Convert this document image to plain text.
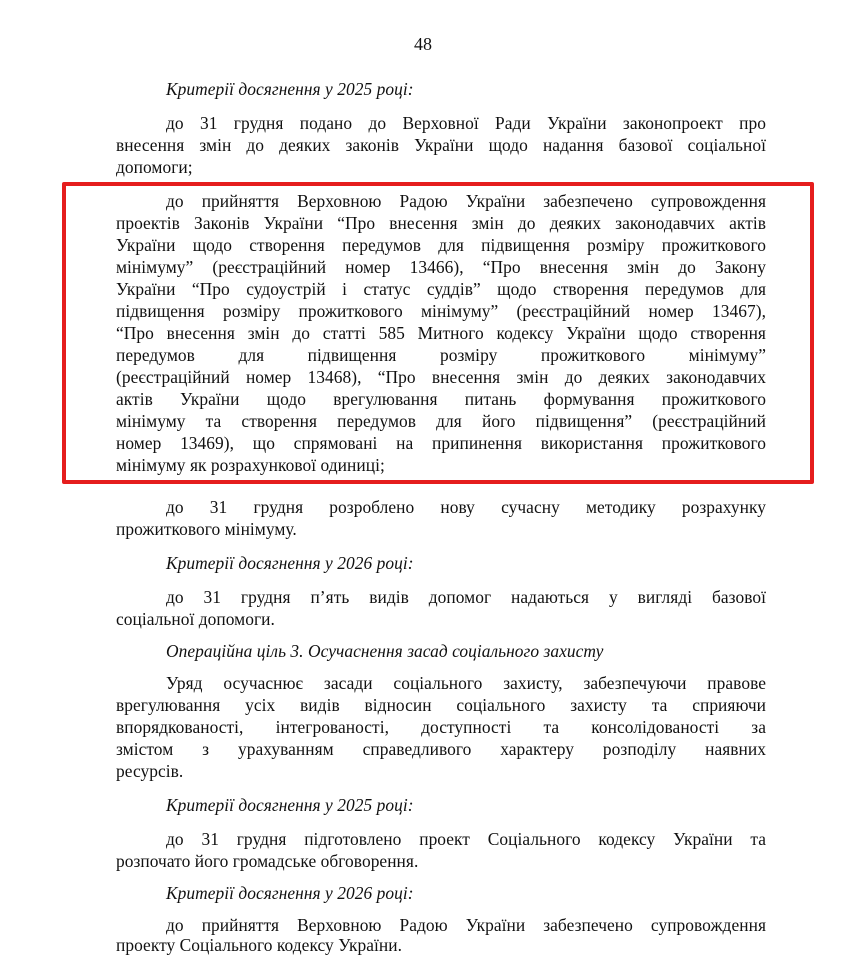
48
Критерії досягнення у 2025 році:
до 31 грудня подано до Верховної Ради України законопроект про
внесення змін до деяких законів України щодо надання базової соціальної
допомоги;
до прийняття Верховною Радою України забезпечено супровождення
проектів Законів України “Про внесення змін до деяких законодавчих актів
України щодо створення передумов для підвищення розміру прожиткового
мінімуму” (реєстраційний номер 13466), “Про внесення змін до Закону
України “Про судоустрій і статус суддів” щодо створення передумов для
підвищення розміру прожиткового мінімуму” (реєстраційний номер 13467),
“Про внесення змін до статті 585 Митного кодексу України щодо створення
передумов для підвищення розміру прожиткового мінімуму”
(реєстраційний номер 13468), “Про внесення змін до деяких законодавчих
актів України щодо врегулювання питань формування прожиткового
мінімуму та створення передумов для його підвищення” (реєстраційний
номер 13469), що спрямовані на припинення використання прожиткового
мінімуму як розрахункової одиниці;
до 31 грудня розроблено нову сучасну методику розрахунку
прожиткового мінімуму.
Критерії досягнення у 2026 році:
до 31 грудня п’ять видів допомог надаються у вигляді базової
соціальної допомоги.
Операційна ціль 3. Осучаснення засад соціального захисту
Уряд осучаснює засади соціального захисту, забезпечуючи правове
врегулювання усіх видів відносин соціального захисту та сприяючи
впорядкованості, інтегрованості, доступності та консолідованості за
змістом з урахуванням справедливого характеру розподілу наявних
ресурсів.
Критерії досягнення у 2025 році:
до 31 грудня підготовлено проект Соціального кодексу України та
розпочато його громадське обговорення.
Критерії досягнення у 2026 році:
до прийняття Верховною Радою України забезпечено супровождення
проекту Соціального кодексу України.
